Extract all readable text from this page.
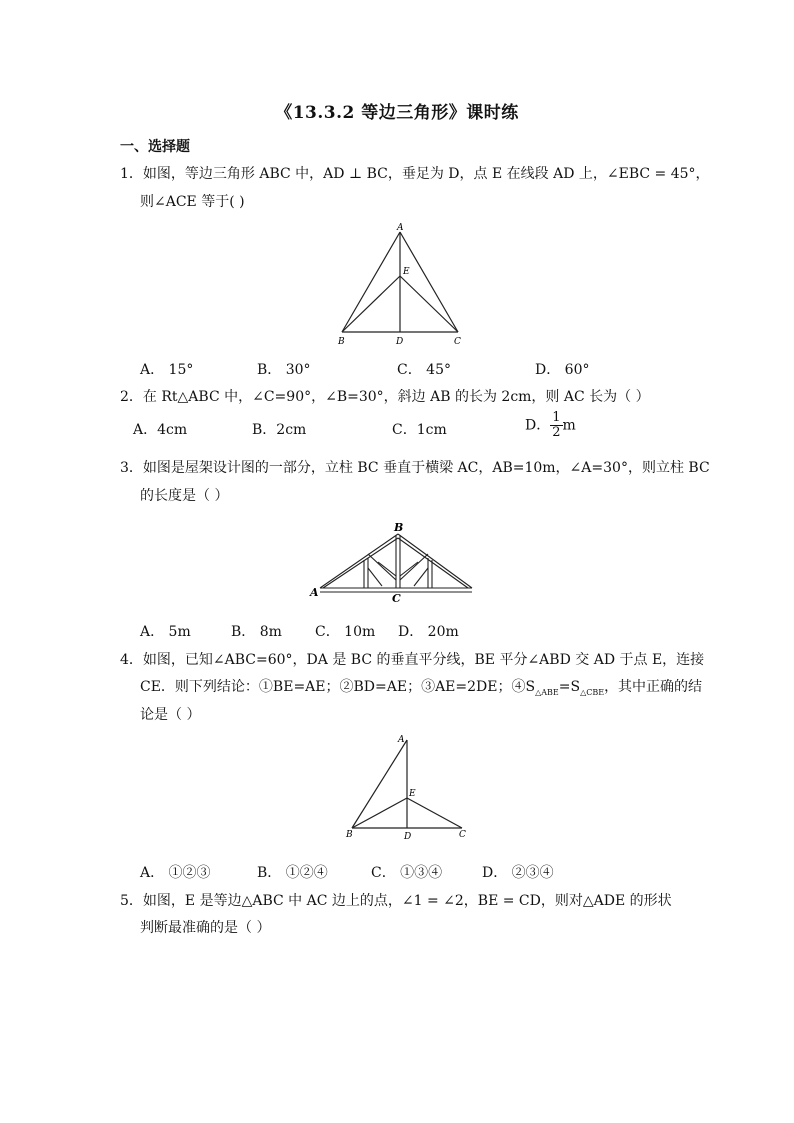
《13.3.2 等边三角形》课时练
一、选择题
1．如图，等边三角形 ABC 中，AD ⊥ BC，垂足为 D，点 E 在线段 AD 上，∠EBC = 45°，
则∠ACE 等于( )
A
E
B	D	C
A． 15°	B． 30°	C． 45°	D． 60°
2．在 Rt△ABC 中，∠C=90°，∠B=30°，斜边 AB 的长为 2cm，则 AC 长为（ ）
A．4cm	B．2cm	C．1cm	D． $\frac{1}{2}$ m
3．如图是屋架设计图的一部分，立柱 BC 垂直于横梁 AC，AB=10m，∠A=30°，则立柱 BC
的长度是（ ）
B
A	C
A． 5m	B． 8m C． 10m D． 20m
4．如图，已知∠ABC=60°，DA 是 BC 的垂直平分线，BE 平分∠ABD 交 AD 于点 E，连接
CE．则下列结论：①BE=AE；②BD=AE；③AE=2DE；$④S_{\triangle ABE}=S_{\triangle CBE}$，其中正确的结
论是（ ）
A
E
B	D	C
A． ①②③	B． ①②④	C． ①③④	D． ②③④
5．如图，E 是等边△ABC 中 AC 边上的点，∠1 = ∠2，BE = CD，则对△ADE 的形状
判断最准确的是（ ）
